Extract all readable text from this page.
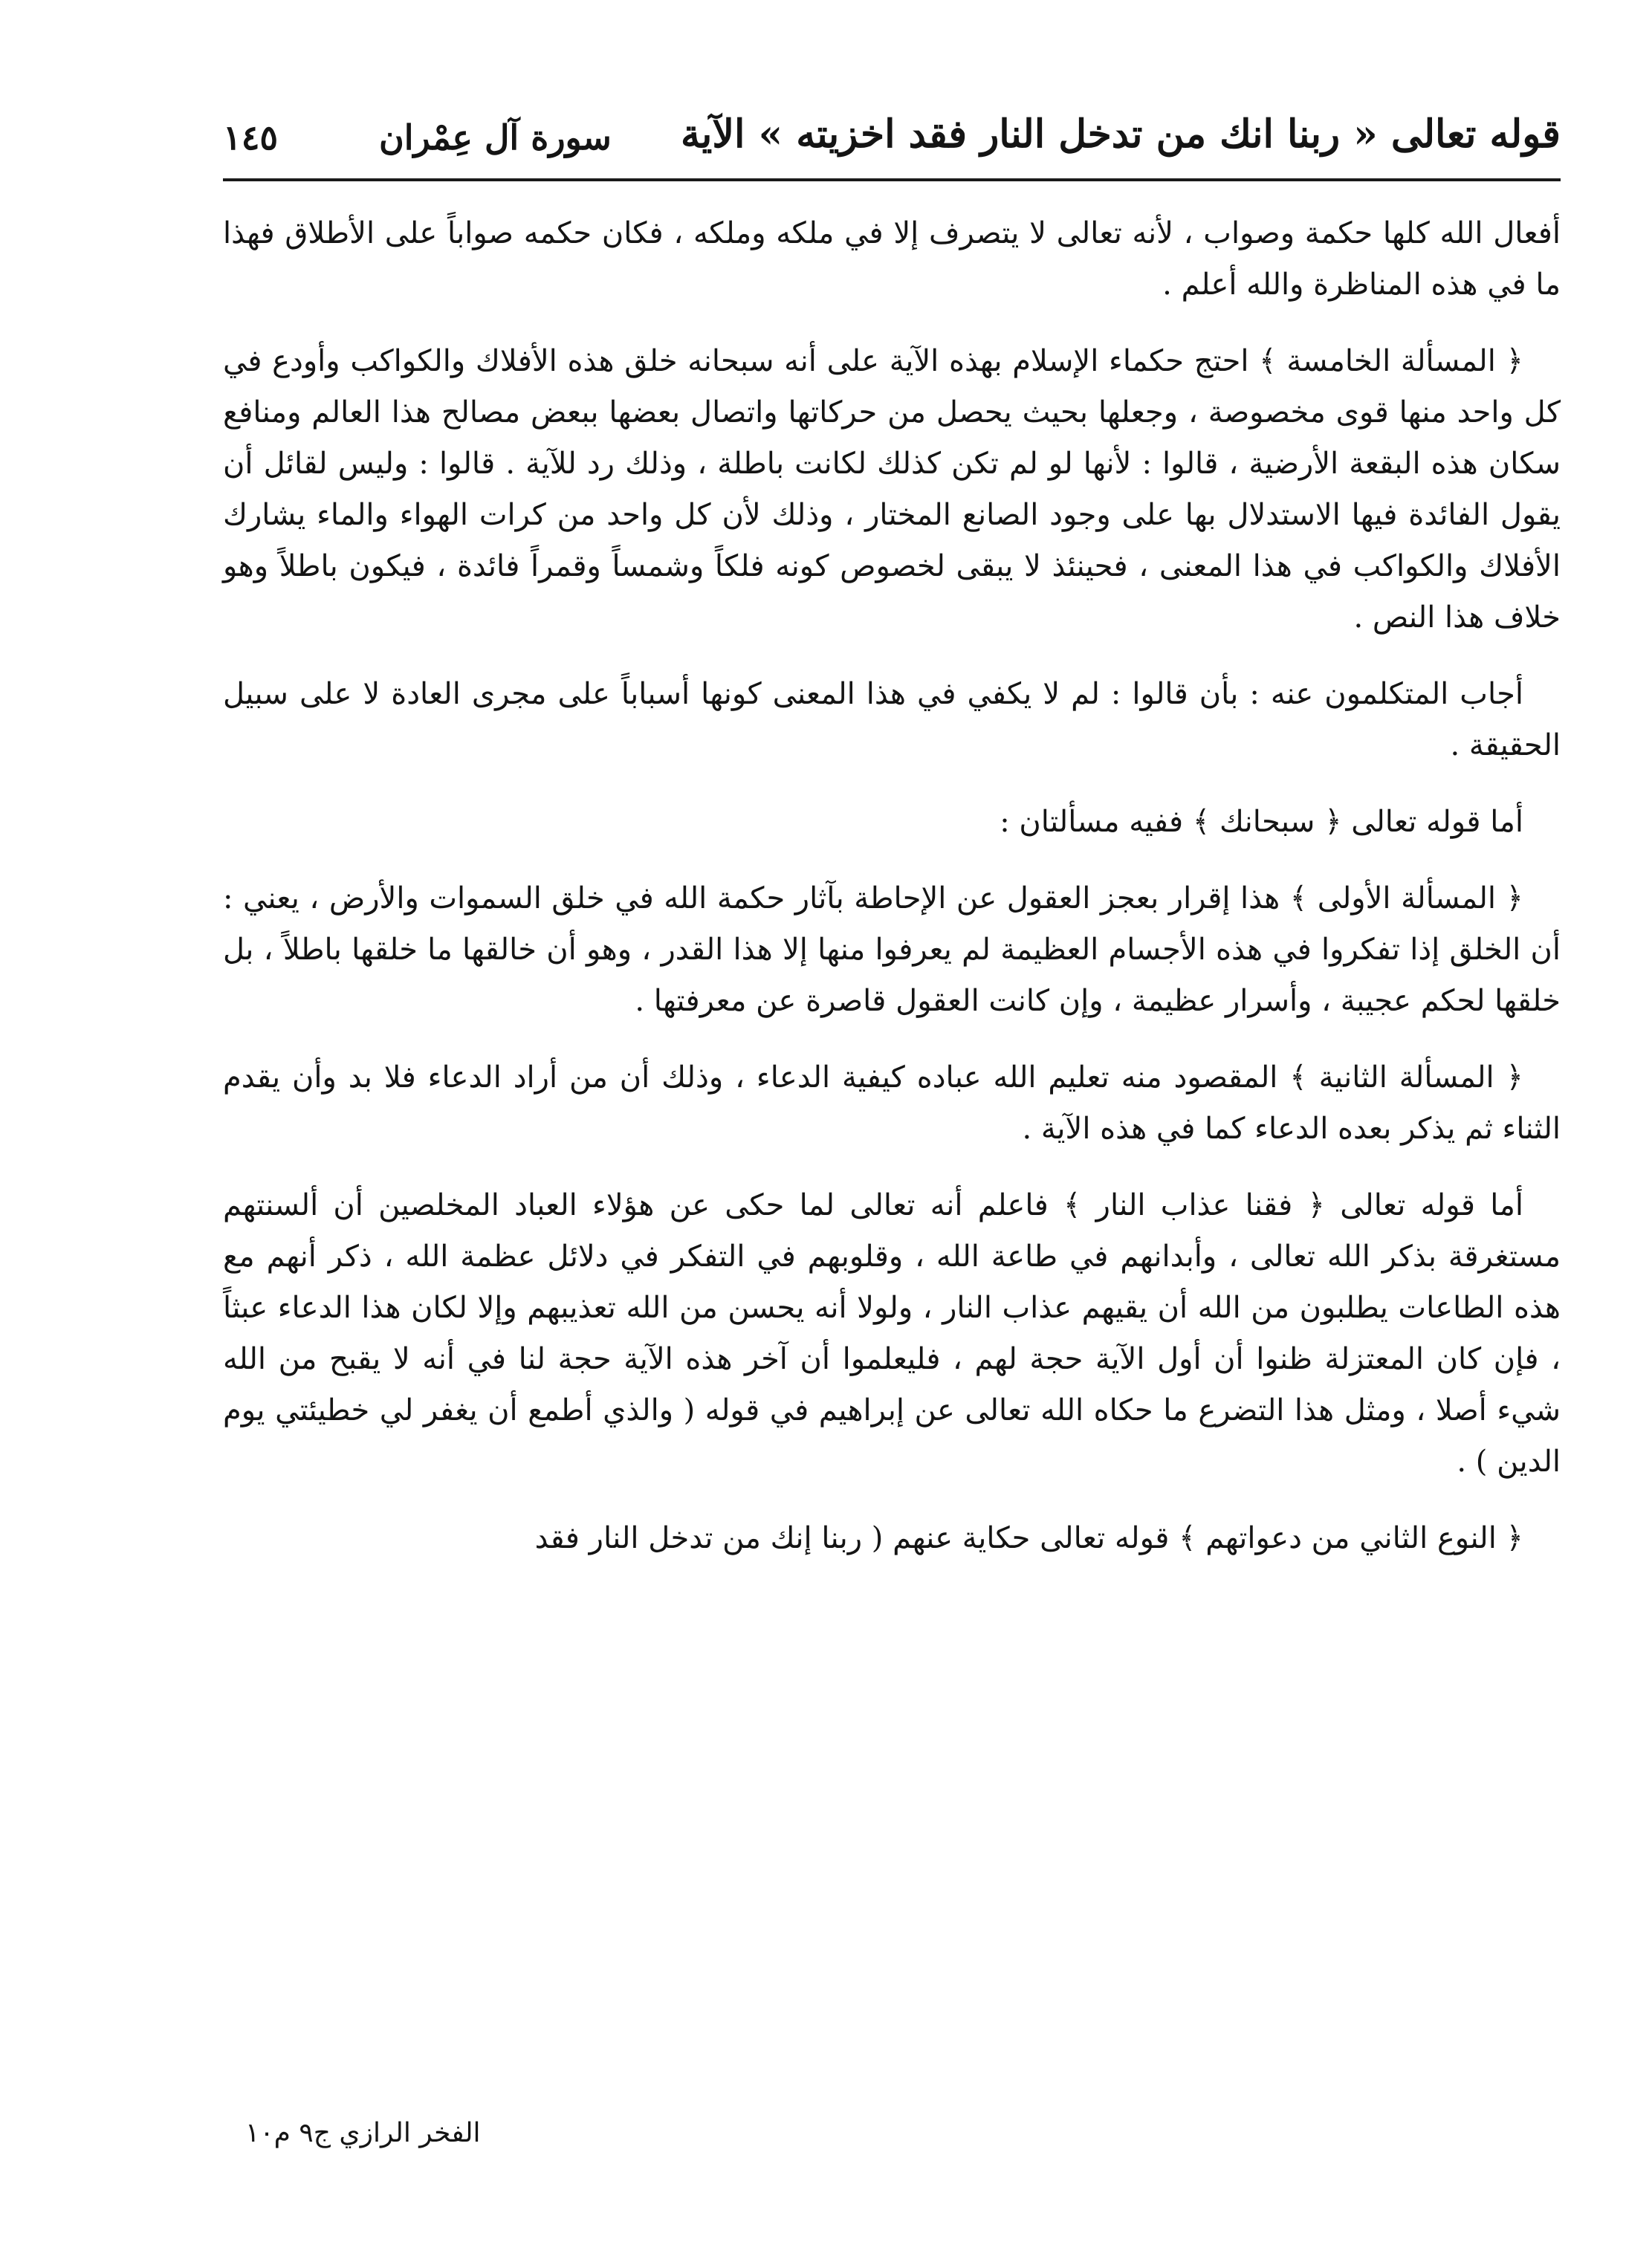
قوله تعالى « ربنا انك من تدخل النار فقد اخزيته » الآية
سورة آل عِمْران
١٤٥

أفعال الله كلها حكمة وصواب ، لأنه تعالى لا يتصرف إلا في ملكه وملكه ، فكان حكمه صواباً على الأطلاق فهذا ما في هذه المناظرة والله أعلم .

﴿ المسألة الخامسة ﴾ احتج حكماء الإسلام بهذه الآية على أنه سبحانه خلق هذه الأفلاك والكواكب وأودع في كل واحد منها قوى مخصوصة ، وجعلها بحيث يحصل من حركاتها واتصال بعضها ببعض مصالح هذا العالم ومنافع سكان هذه البقعة الأرضية ، قالوا : لأنها لو لم تكن كذلك لكانت باطلة ، وذلك رد للآية . قالوا : وليس لقائل أن يقول الفائدة فيها الاستدلال بها على وجود الصانع المختار ، وذلك لأن كل واحد من كرات الهواء والماء يشارك الأفلاك والكواكب في هذا المعنى ، فحينئذ لا يبقى لخصوص كونه فلكاً وشمساً وقمراً فائدة ، فيكون باطلاً وهو خلاف هذا النص .

أجاب المتكلمون عنه : بأن قالوا : لم لا يكفي في هذا المعنى كونها أسباباً على مجرى العادة لا على سبيل الحقيقة .

أما قوله تعالى ﴿ سبحانك ﴾ ففيه مسألتان :

﴿ المسألة الأولى ﴾ هذا إقرار بعجز العقول عن الإحاطة بآثار حكمة الله في خلق السموات والأرض ، يعني : أن الخلق إذا تفكروا في هذه الأجسام العظيمة لم يعرفوا منها إلا هذا القدر ، وهو أن خالقها ما خلقها باطلاً ، بل خلقها لحكم عجيبة ، وأسرار عظيمة ، وإن كانت العقول قاصرة عن معرفتها .

﴿ المسألة الثانية ﴾ المقصود منه تعليم الله عباده كيفية الدعاء ، وذلك أن من أراد الدعاء فلا بد وأن يقدم الثناء ثم يذكر بعده الدعاء كما في هذه الآية .

أما قوله تعالى ﴿ فقنا عذاب النار ﴾ فاعلم أنه تعالى لما حكى عن هؤلاء العباد المخلصين أن ألسنتهم مستغرقة بذكر الله تعالى ، وأبدانهم في طاعة الله ، وقلوبهم في التفكر في دلائل عظمة الله ، ذكر أنهم مع هذه الطاعات يطلبون من الله أن يقيهم عذاب النار ، ولولا أنه يحسن من الله تعذيبهم وإلا لكان هذا الدعاء عبثاً ، فإن كان المعتزلة ظنوا أن أول الآية حجة لهم ، فليعلموا أن آخر هذه الآية حجة لنا في أنه لا يقبح من الله شيء أصلا ، ومثل هذا التضرع ما حكاه الله تعالى عن إبراهيم في قوله ( والذي أطمع أن يغفر لي خطيئتي يوم الدين ) .

﴿ النوع الثاني من دعواتهم ﴾ قوله تعالى حكاية عنهم ( ربنا إنك من تدخل النار فقد

الفخر الرازي ج٩ م١٠
